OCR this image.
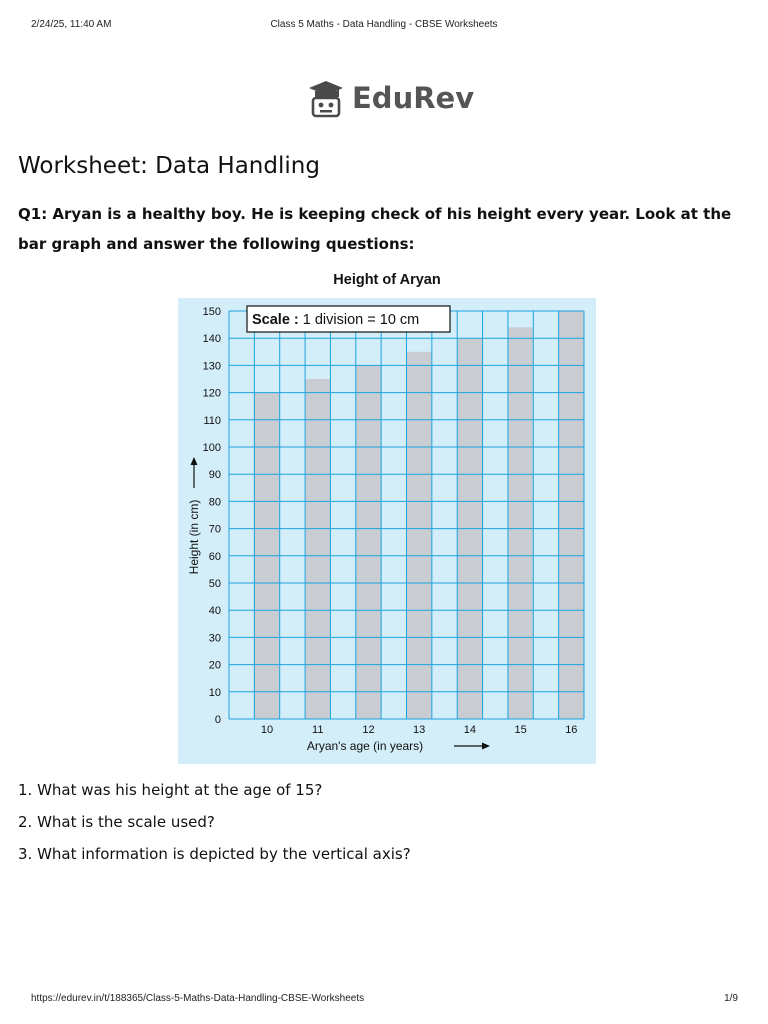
2/24/25, 11:40 AM	Class 5 Maths - Data Handling - CBSE Worksheets
EduRev
Worksheet: Data Handling

Q1: Aryan is a healthy boy. He is keeping check of his height every year. Look at the bar graph and answer the following questions:

Height of Aryan
0
10
20
30
40
50
60
70
80
90
100
110
120
130
140
150
10	11	12	13	14	15	16
Aryan's age (in years)
Height (in cm)
Scale : 1 division = 10 cm

1. What was his height at the age of 15?

2. What is the scale used?

3. What information is depicted by the vertical axis?

https://edurev.in/t/188365/Class-5-Maths-Data-Handling-CBSE-Worksheets	1/9
